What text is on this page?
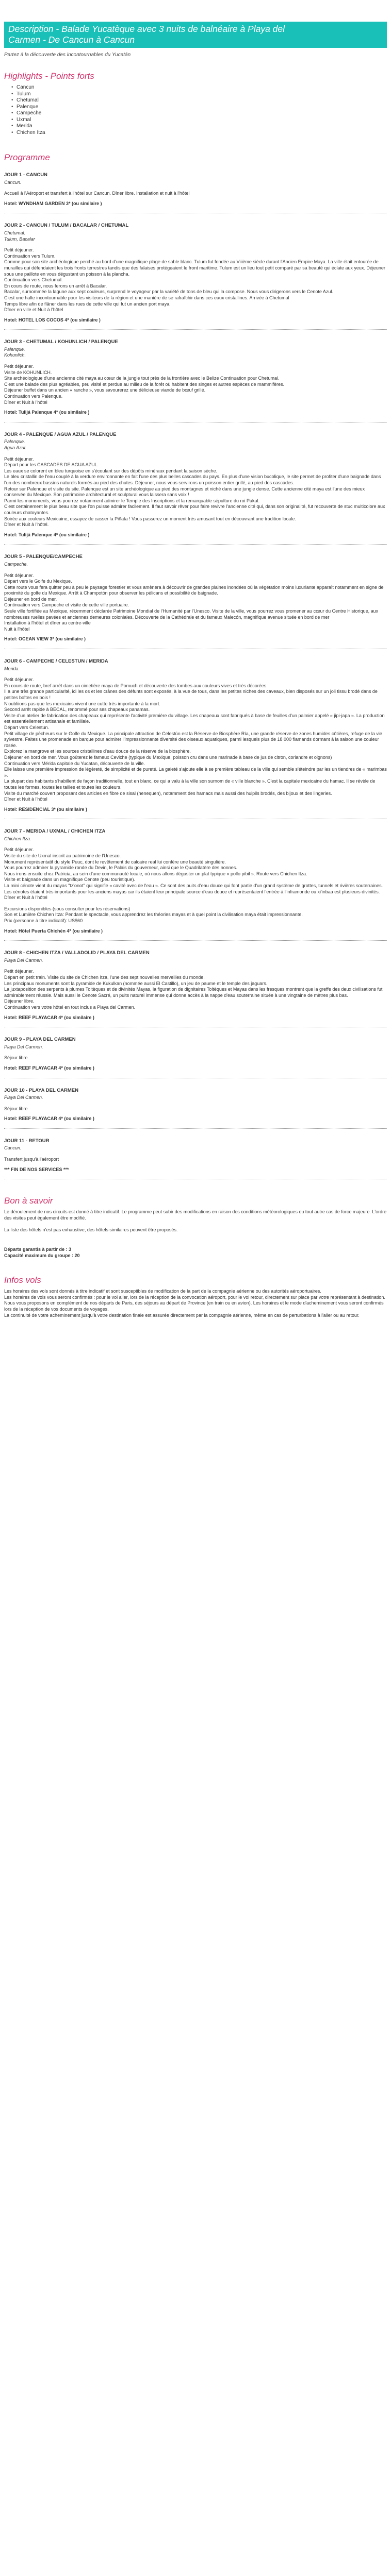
Description - Balade Yucatèque avec 3 nuits de balnéaire à Playa del
Carmen - De Cancun à Cancun

Partez à la découverte des incontournables du Yucatán

Highlights - Points forts
• Cancun
• Tulum
• Chetumal
• Palenque
• Campeche
• Uxmal
• Merida
• Chichen Itza
Programme
JOUR 1 - CANCUN

Cancun.

Accueil à l'Aéroport et transfert à l'hôtel sur Cancun. Dîner libre. Installation et nuit à l'hôtel

Hotel: WYNDHAM GARDEN 3* (ou similaire )

JOUR 2 - CANCUN / TULUM / BACALAR / CHETUMAL

Chetumal.

Tulum, Bacalar

Petit déjeuner.

Continuation vers Tulum.

Comme pour son site archéologique perché au bord d'une magnifique plage de sable blanc. Tulum fut fondée au Viiième siècle durant l'Ancien Empire Maya. La ville était entourée de murailles qui défendaient les trois fronts terrestres tandis que des falaises protégeaient le front maritime. Tulum est un lieu tout petit comparé par sa beauté qui éclate aux yeux. Déjeuner sous une paillote en vous dégustant un poisson à la plancha.

Continuation vers Chetumal.

En cours de route, nous ferons un arrêt à Bacalar.

Bacalar, surnommée la lagune aux sept couleurs, surprend le voyageur par la variété de tons de bleu qui la compose. Nous vous dirigerons vers le Cenote Azul.

C'est une halte incontournable pour les visiteurs de la région et une manière de se rafraîchir dans ces eaux cristallines. Arrivée à Chetumal

Temps libre afin de flâner dans les rues de cette ville qui fut un ancien port maya.

Dîner en ville et Nuit à l'hôtel

Hotel: HOTEL LOS COCOS 4* (ou similaire )

JOUR 3 - CHETUMAL / KOHUNLICH / PALENQUE

Palenque.

Kohunlich.

Petit déjeuner.

Visite de KOHUNLICH.

Site archéologique d'une ancienne cité maya au cœur de la jungle tout près de la frontière avec le Belize Continuation pour Chetumal.

C'est une balade des plus agréables, peu visité et perdue au milieu de la forêt où habitent des singes et autres espèces de mammifères.

Déjeuner buffet dans un ancien « ranche », vous savourerez une délicieuse viande de bœuf grillé.

Continuation vers Palenque.

Dîner et Nuit à l'hôtel

Hotel: Tulijá Palenque 4* (ou similaire )

JOUR 4 - PALENQUE / AGUA AZUL / PALENQUE

Palenque.

Agua Azul.

Petit déjeuner.

Départ pour les CASCADES DE AGUA AZUL.

Les eaux se colorent en bleu turquoise en s'écoulant sur des dépôts minéraux pendant la saison sèche.

Le bleu cristallin de l'eau couplé à la verdure environnante en fait l'une des plus belles cascades du pays. En plus d'une vision bucolique, le site permet de profiter d'une baignade dans l'un des nombreux bassins naturels formés au pied des chutes. Déjeuner, nous vous servirons un poisson entier grillé, au pied des cascades.

Retour sur Palenque et visite du site. Palenque est un site archéologique au pied des montagnes et niché dans une jungle dense. Cette ancienne cité maya est l'une des mieux conservée du Mexique. Son patrimoine architectural et sculptural vous laissera sans voix !

Parmi les monuments, vous pourrez notamment admirer le Temple des Inscriptions et la remarquable sépulture du roi Pakal.

C'est certainement le plus beau site que l'on puisse admirer facilement. Il faut savoir rêver pour faire revivre l'ancienne cité qui, dans son originalité, fut recouverte de stuc multicolore aux couleurs chatoyantes.

Soirée aux couleurs Mexicaine, essayez de casser la Piñata ! Vous passerez un moment très amusant tout en découvrant une tradition locale.

Dîner et Nuit à l'hôtel.

Hotel: Tulijá Palenque 4* (ou similaire )

JOUR 5 - PALENQUE/CAMPECHE

Campeche.

Petit déjeuner.

Départ vers le Golfe du Mexique.

Cette route vous fera quitter peu à peu le paysage forestier et vous amènera à découvrir de grandes plaines inondées où la végétation moins luxuriante apparaît notamment en signe de proximité du golfe du Mexique. Arrêt à Champotón pour observer les pélicans et possibilité de baignade.

Déjeuner en bord de mer.

Continuation vers Campeche et visite de cette ville portuaire.

Seule ville fortifiée au Mexique, récemment déclarée Patrimoine Mondial de l'Humanité par l'Unesco. Visite de la ville, vous pourrez vous promener au cœur du Centre Historique, aux nombreuses ruelles pavées et anciennes demeures coloniales. Découverte de la Cathédrale et du fameux Malecón, magnifique avenue située en bord de mer

Installation à l'hôtel et dîner au centre-ville

Nuit à l'hôtel

Hotel: OCEAN VIEW 3* (ou similaire )

JOUR 6 - CAMPECHE / CELESTUN / MERIDA

Merida.

Petit déjeuner.

En cours de route, bref arrêt dans un cimetière maya de Pomuch et découverte des tombes aux couleurs vives et très décorées.

Il a une très grande particularité, ici les os et les crânes des défunts sont exposés, à la vue de tous, dans les petites niches des caveaux, bien disposés sur un joli tissu brodé dans de petites boîtes en bois !

N'oubliions pas que les mexicains vivent une cutte très importante à la mort.

Second arrêt rapide à BECAL, renommé pour ses chapeaux panamas.

Visite d'un atelier de fabrication des chapeaux qui représente l'activité première du village. Les chapeaux sont fabriqués à base de feuilles d'un palmier appelé « jipi-japa ». La production est essentiellement artisanale et familiale.

Départ vers Celestun.

Petit village de pêcheurs sur le Golfe du Mexique. La principale attraction de Celestún est la Réserve de Biosphère Ría, une grande réserve de zones humides côtières, refuge de la vie sylvestre. Faites une promenade en barque pour admirer l'impressionnante diversité des oiseaux aquatiques, parmi lesquels plus de 18 000 flamands dormant à la saison une couleur rosée.

Explorez la mangrove et les sources cristallines d'eau douce de la réserve de la biosphère.

Déjeuner en bord de mer. Vous goûterez le fameux Ceviche (typique du Mexique, poisson cru dans une marinade à base de jus de citron, coriandre et oignons)

Continuation vers Mérida capitale du Yucatan, découverte de la ville.

Elle laisse une première impression de légèreté, de simplicité et de pureté. La gaieté s'ajoute elle à se première tableau de la ville qui semble s'éteindre par les un tiendres de « marimbas ».

La plupart des habitants s'habillent de façon traditionnelle, tout en blanc, ce qui a valu à la ville son surnom de « ville blanche ». C'est la capitale mexicaine du hamac. Il se révèle de toutes les formes, toutes les tailles et toutes les couleurs.

Visite du marché couvert proposant des articles en fibre de sisal (henequen), notamment des hamacs mais aussi des huipils brodés, des bijoux et des lingeries.

Dîner et Nuit à l'hôtel

Hotel: RESIDENCIAL 3* (ou similaire )

JOUR 7 - MERIDA / UXMAL / CHICHEN ITZA

Chichen Itza.

Petit déjeuner.

Visite du site de Uxmal inscrit au patrimoine de l'Unesco.

Monument représentatif du style Puuc, dont le revêtement de calcaire real lui confère une beauté singulière.

Vous pourrez admirer la pyramide ronde du Devin, le Palais du gouverneur, ainsi que le Quadrilatère des nonnes.

Nous irons ensuite chez Patricia, au sein d'une communauté locale, où nous allons déguster un plat typique « pollo pibil ». Route vers Chichen Itza.

Visite et baignade dans un magnifique Cenote (peu touristique).

La mini cénote vient du mayas "tz'onot" qui signifie « cavité avec de l'eau ». Ce sont des puits d'eau douce qui font partie d'un grand système de grottes, tunnels et rivières souterraines. Les cénotes étaient très importants pour les anciens mayas car ils étaient leur principale source d'eau douce et représentaient l'entrée à l'inframonde ou xi'inbaa est plusieurs divinités.

Dîner et Nuit à l'hôtel

Excursions disponibles (sous consulter pour les réservations)

Son et Lumière Chichen Itza: Pendant le spectacle, vous apprendrez les théories mayas et à quel point la civilisation maya était impressionnante.

Prix (personne à titre indicatif): US$60

Hotel: Hôtel Puerta Chichén 4* (ou similaire )

JOUR 8 - CHICHEN ITZA / VALLADOLID / PLAYA DEL CARMEN

Playa Del Carmen.

Petit déjeuner.

Départ en petit train. Visite du site de Chichen Itza, l'une des sept nouvelles merveilles du monde.

Les principaux monuments sont la pyramide de Kukulkan (nommée aussi El Castillo), un jeu de paume et le temple des jaguars.

La juxtaposition des serpents à plumes Toltèques et de divinités Mayas, la figuration de dignitaires Toltèques et Mayas dans les fresques montrent que la greffe des deux civilisations fut admirablement réussie. Mais aussi le Cenote Sacré, un puits naturel immense qui donne accès à la nappe d'eau souterraine située à une vingtaine de mètres plus bas.

Déjeuner libre.

Continuation vers votre hôtel en tout inclus a Playa del Carmen.

Hotel: REEF PLAYACAR 4* (ou similaire )

JOUR 9 - PLAYA DEL CARMEN

Playa Del Carmen.

Séjour libre

Hotel: REEF PLAYACAR 4* (ou similaire )

JOUR 10 - PLAYA DEL CARMEN

Playa Del Carmen.

Séjour libre

Hotel: REEF PLAYACAR 4* (ou similaire )

JOUR 11 - RETOUR

Cancun.

Transfert jusqu'à l'aéroport

*** FIN DE NOS SERVICES ***

Bon à savoir

Le déroulement de nos circuits est donné à titre indicatif. Le programme peut subir des modifications en raison des conditions météorologiques ou tout autre cas de force majeure. L'ordre des visites peut également être modifié.

La liste des hôtels n'est pas exhaustive, des hôtels similaires peuvent être proposés.

Départs garantis à partir de : 3

Capacité maximum du groupe : 20

Infos vols

Les horaires des vols sont donnés à titre indicatif et sont susceptibles de modification de la part de la compagnie aérienne ou des autorités aéroportuaires.

Les horaires de vols vous seront confirmés : pour le vol aller, lors de la réception de la convocation aéroport, pour le vol retour, directement sur place par votre représentant à destination.

Nous vous proposons en complément de nos départs de Paris, des séjours au départ de Province (en train ou en avion). Les horaires et le mode d'acheminement vous seront confirmés lors de la réception de vos documents de voyages.

La continuité de votre acheminement jusqu'à votre destination finale est assurée directement par la compagnie aérienne, même en cas de perturbations à l'aller ou au retour.
